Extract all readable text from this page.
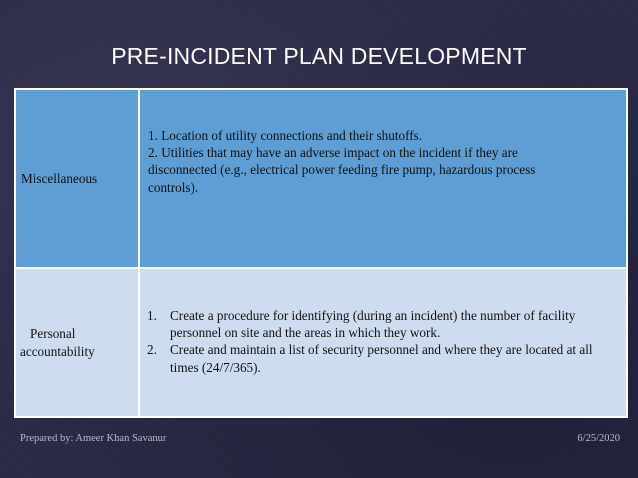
PRE-INCIDENT PLAN DEVELOPMENT
Miscellaneous
1. Location of utility connections and their shutoffs.
2. Utilities that may have an adverse impact on the incident if they are
disconnected (e.g., electrical power feeding fire pump, hazardous process
controls).
Personal
accountability
1. Create a procedure for identifying (during an incident) the number of facility personnel on site and the areas in which they work.
2. Create and maintain a list of security personnel and where they are located at all times (24/7/365).
Prepared by: Ameer Khan Savanur	6/25/2020
